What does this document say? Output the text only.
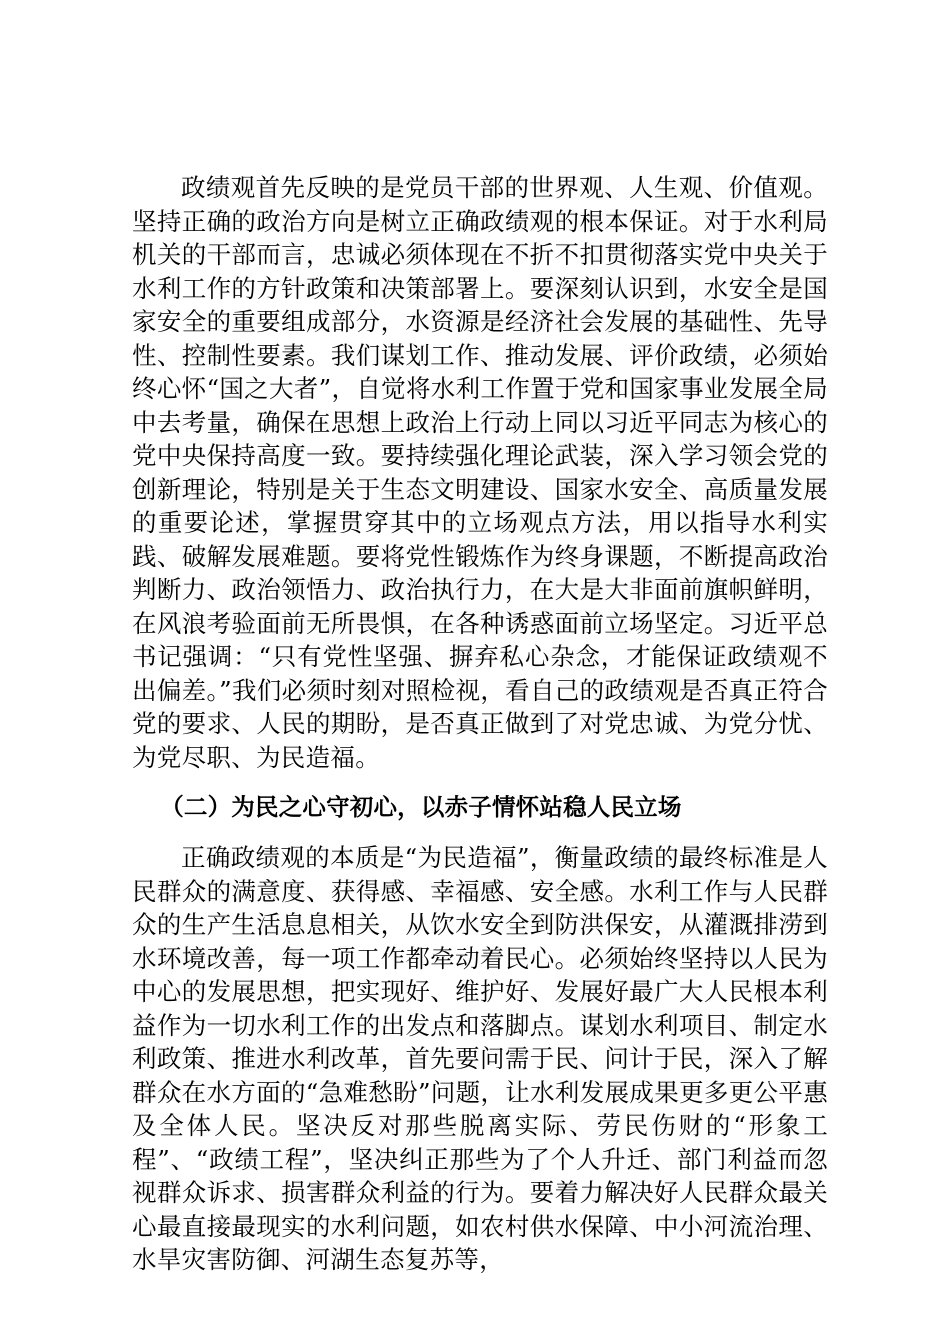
政绩观首先反映的是党员干部的世界观、人生观、价值观。坚持正确的政治方向是树立正确政绩观的根本保证。对于水利局机关的干部而言，忠诚必须体现在不折不扣贯彻落实党中央关于水利工作的方针政策和决策部署上。要深刻认识到，水安全是国家安全的重要组成部分，水资源是经济社会发展的基础性、先导性、控制性要素。我们谋划工作、推动发展、评价政绩，必须始终心怀“国之大者”，自觉将水利工作置于党和国家事业发展全局中去考量，确保在思想上政治上行动上同以习近平同志为核心的党中央保持高度一致。要持续强化理论武装，深入学习领会党的创新理论，特别是关于生态文明建设、国家水安全、高质量发展的重要论述，掌握贯穿其中的立场观点方法，用以指导水利实践、破解发展难题。要将党性锻炼作为终身课题，不断提高政治判断力、政治领悟力、政治执行力，在大是大非面前旗帜鲜明，在风浪考验面前无所畏惧，在各种诱惑面前立场坚定。习近平总书记强调：“只有党性坚强、摒弃私心杂念，才能保证政绩观不出偏差。”我们必须时刻对照检视，看自己的政绩观是否真正符合党的要求、人民的期盼，是否真正做到了对党忠诚、为党分忧、为党尽职、为民造福。

（二）为民之心守初心，以赤子情怀站稳人民立场

正确政绩观的本质是“为民造福”，衡量政绩的最终标准是人民群众的满意度、获得感、幸福感、安全感。水利工作与人民群众的生产生活息息相关，从饮水安全到防洪保安，从灌溉排涝到水环境改善，每一项工作都牵动着民心。必须始终坚持以人民为中心的发展思想，把实现好、维护好、发展好最广大人民根本利益作为一切水利工作的出发点和落脚点。谋划水利项目、制定水利政策、推进水利改革，首先要问需于民、问计于民，深入了解群众在水方面的“急难愁盼”问题，让水利发展成果更多更公平惠及全体人民。坚决反对那些脱离实际、劳民伤财的“形象工程”、“政绩工程”，坚决纠正那些为了个人升迁、部门利益而忽视群众诉求、损害群众利益的行为。要着力解决好人民群众最关心最直接最现实的水利问题，如农村供水保障、中小河流治理、水旱灾害防御、河湖生态复苏等，
